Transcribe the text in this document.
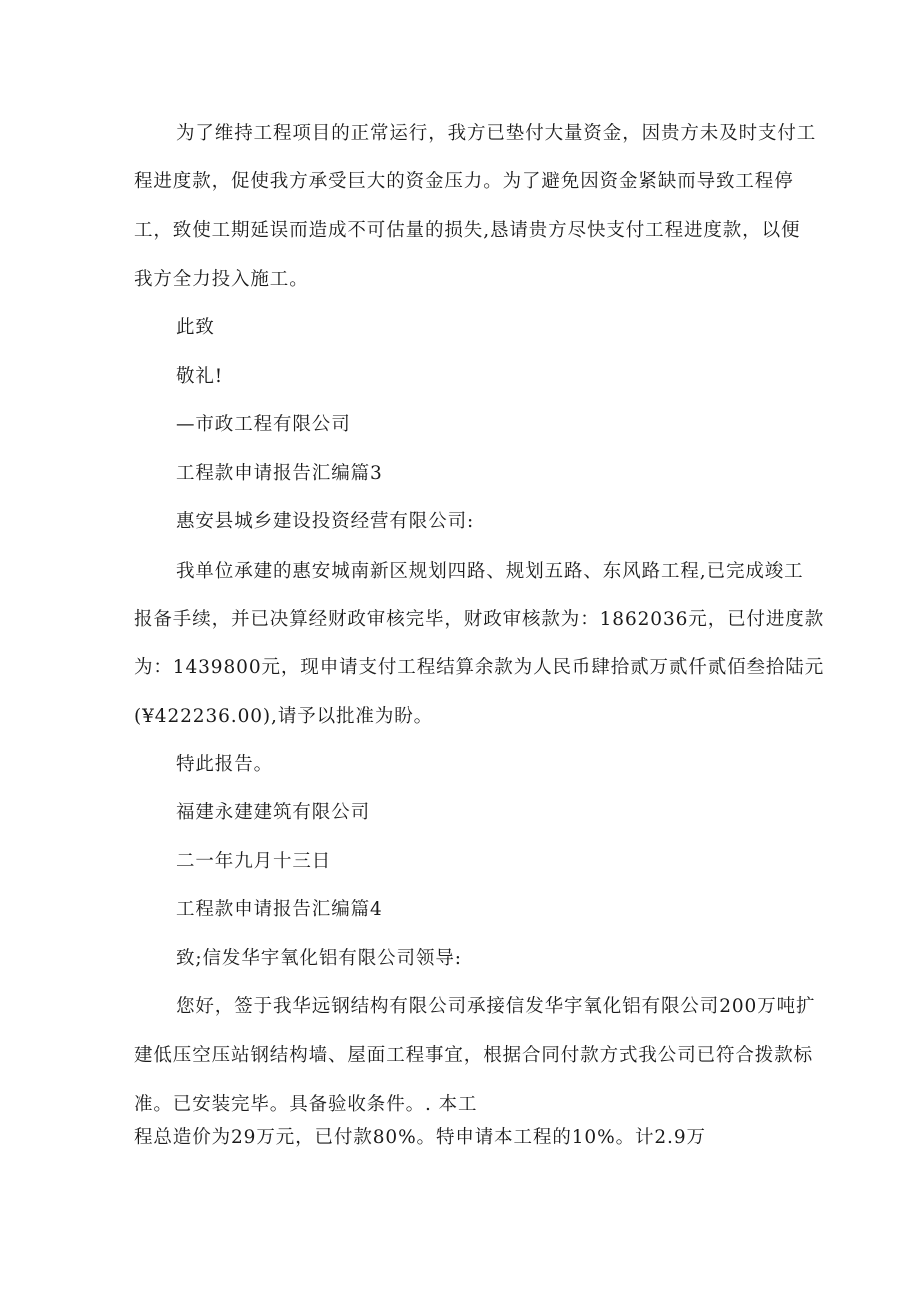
为了维持工程项目的正常运行，我方已垫付大量资金，因贵方未及时支付工
程进度款，促使我方承受巨大的资金压力。为了避免因资金紧缺而导致工程停
工，致使工期延误而造成不可估量的损失,恳请贵方尽快支付工程进度款，以便
我方全力投入施工。
此致
敬礼!
—市政工程有限公司
工程款申请报告汇编篇3
惠安县城乡建设投资经营有限公司:
我单位承建的惠安城南新区规划四路、规划五路、东风路工程,已完成竣工
报备手续，并已决算经财政审核完毕，财政审核款为：1862036元，已付进度款
为：1439800元，现申请支付工程结算余款为人民币肆拾贰万贰仟贰佰叁拾陆元
(¥422236.00),请予以批准为盼。
特此报告。
福建永建建筑有限公司
二一年九月十三日
工程款申请报告汇编篇4
致;信发华宇氧化铝有限公司领导:
您好，签于我华远钢结构有限公司承接信发华宇氧化铝有限公司200万吨扩
建低压空压站钢结构墙、屋面工程事宜，根据合同付款方式我公司已符合拨款标
准。已安装完毕。具备验收条件。. 本工
程总造价为29万元，已付款80%。特申请本工程的10%。计2.9万
